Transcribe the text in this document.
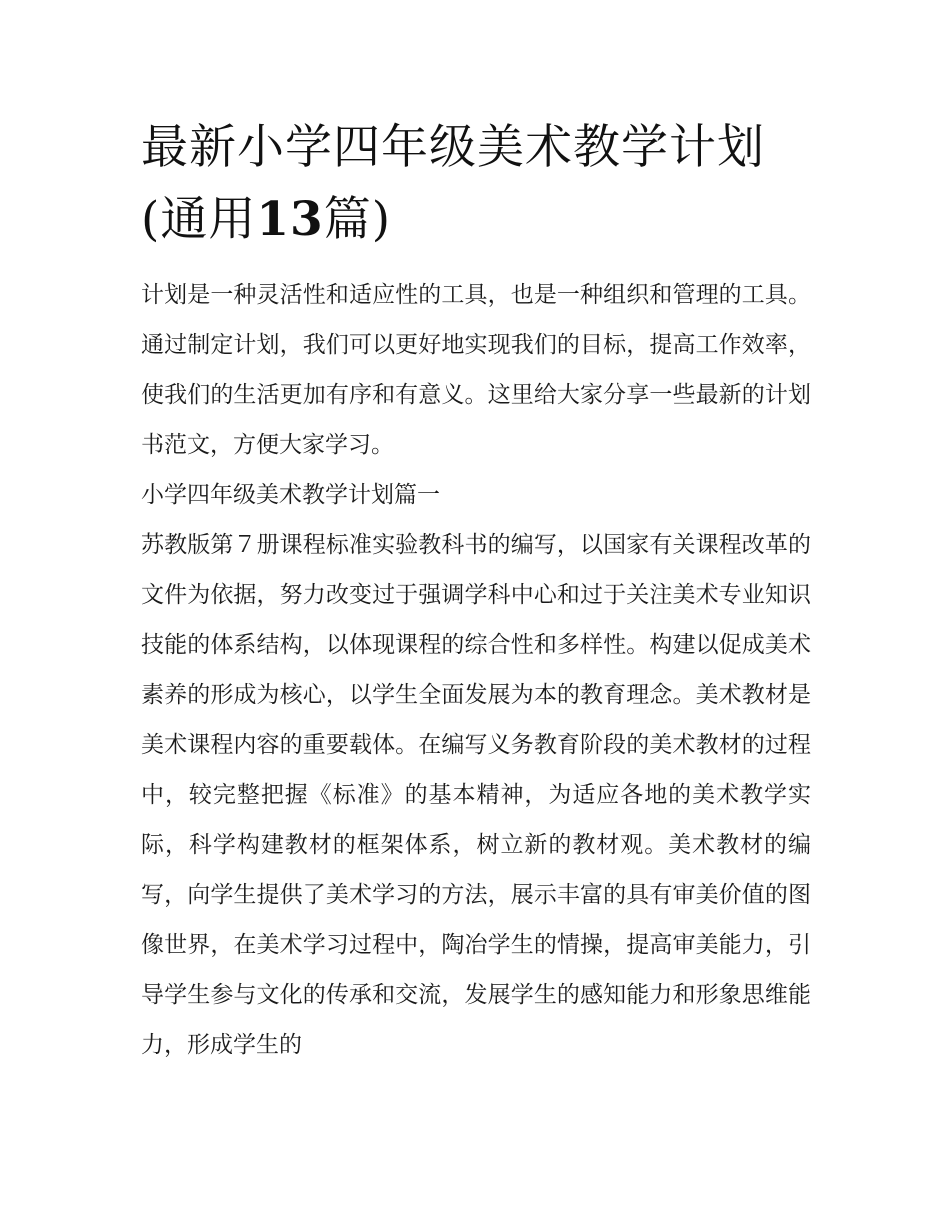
最新小学四年级美术教学计划
(通用13篇)

计划是一种灵活性和适应性的工具，也是一种组织和管理的工具。通过制定计划，我们可以更好地实现我们的目标，提高工作效率，使我们的生活更加有序和有意义。这里给大家分享一些最新的计划书范文，方便大家学习。

小学四年级美术教学计划篇一

苏教版第７册课程标准实验教科书的编写，以国家有关课程改革的文件为依据，努力改变过于强调学科中心和过于关注美术专业知识技能的体系结构，以体现课程的综合性和多样性。构建以促成美术素养的形成为核心，以学生全面发展为本的教育理念。美术教材是美术课程内容的重要载体。在编写义务教育阶段的美术教材的过程中，较完整把握《标准》的基本精神，为适应各地的美术教学实际，科学构建教材的框架体系，树立新的教材观。美术教材的编写，向学生提供了美术学习的方法，展示丰富的具有审美价值的图像世界，在美术学习过程中，陶冶学生的情操，提高审美能力，引导学生参与文化的传承和交流，发展学生的感知能力和形象思维能力，形成学生的
